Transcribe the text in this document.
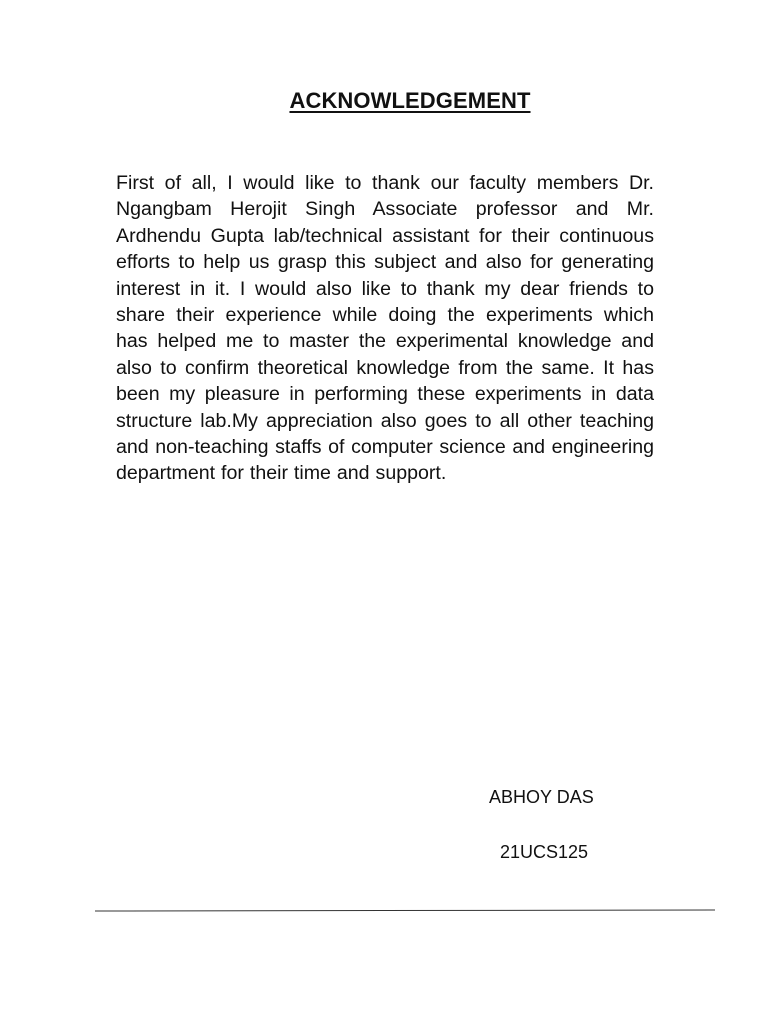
ACKNOWLEDGEMENT
First of all, I would like to thank our faculty members Dr. Ngangbam Herojit Singh Associate professor and Mr. Ardhendu Gupta lab/technical assistant for their continuous efforts to help us grasp this subject and also for generating interest in it. I would also like to thank my dear friends to share their experience while doing the experiments which has helped me to master the experimental knowledge and also to confirm theoretical knowledge from the same. It has been my pleasure in performing these experiments in data structure lab.My appreciation also goes to all other teaching and non-teaching staffs of computer science and engineering department for their time and support.
ABHOY DAS
21UCS125
